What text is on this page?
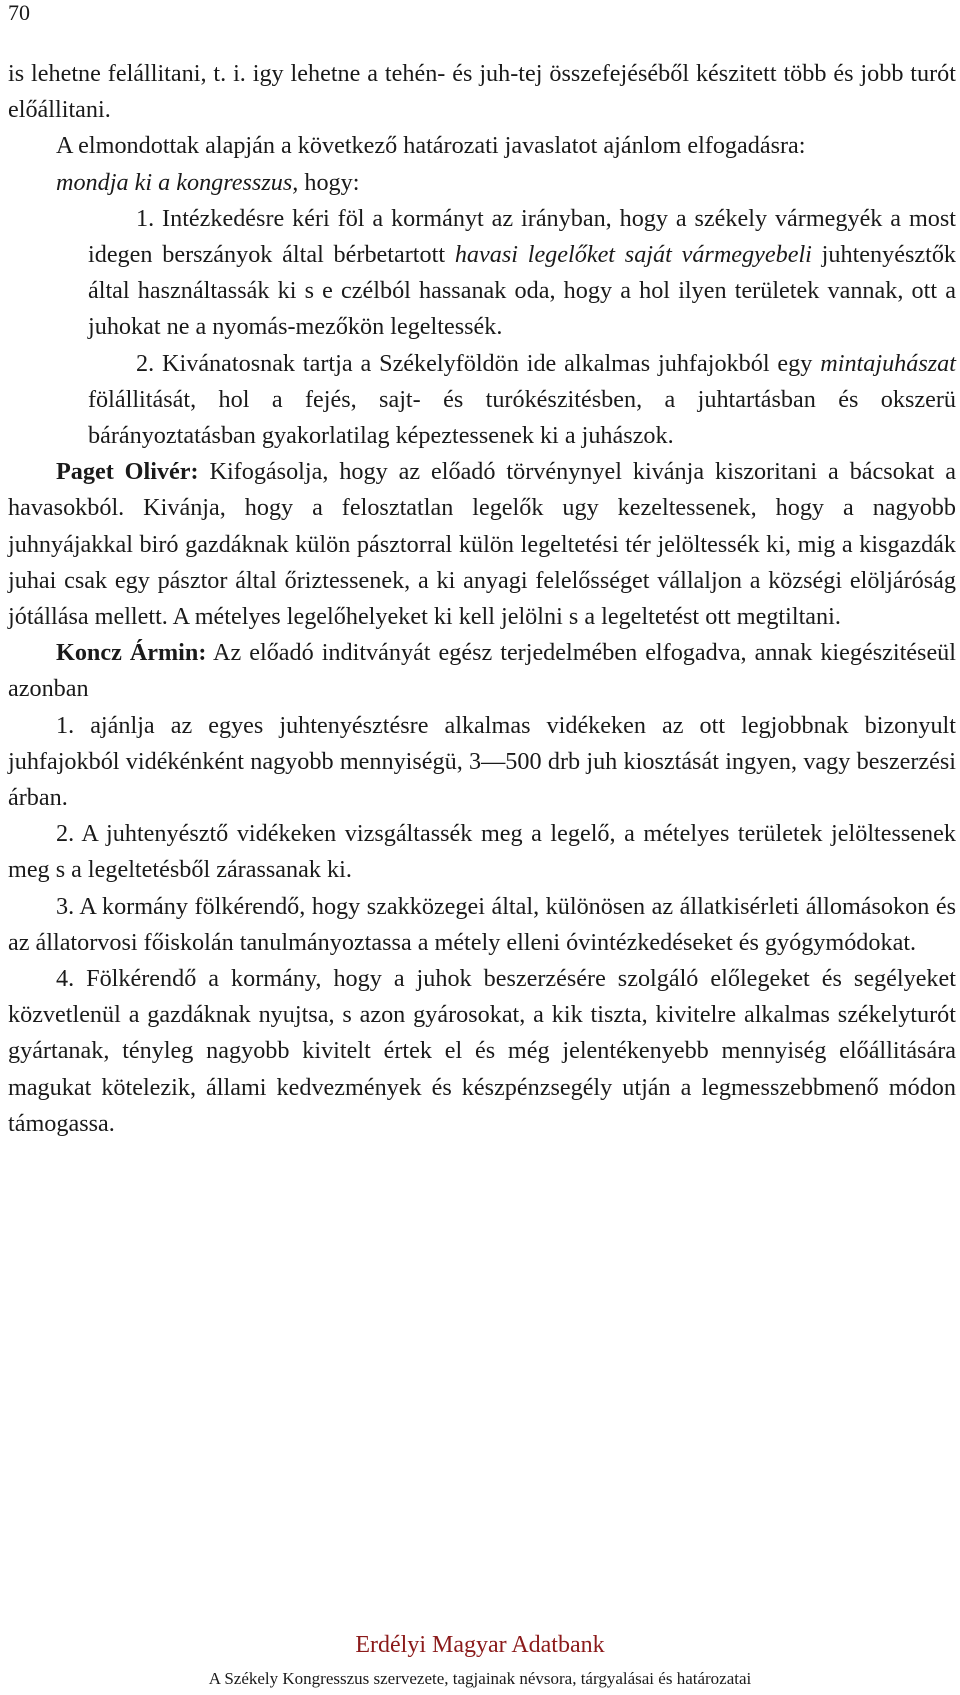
70

is lehetne felállitani, t. i. igy lehetne a tehén- és juh-tej összefejéséből készitett több és jobb turót előállitani.

A elmondottak alapján a következő határozati javaslatot ajánlom elfogadásra:

mondja ki a kongresszus, hogy:

1. Intézkedésre kéri föl a kormányt az irányban, hogy a székely vármegyék a most idegen berszányok által bérbetartott havasi legelőket saját vármegyebeli juhtenyésztők által használtassák ki s e czélból hassanak oda, hogy a hol ilyen területek vannak, ott a juhokat ne a nyomás-mezőkön legeltessék.

2. Kivánatosnak tartja a Székelyföldön ide alkalmas juhfajokból egy mintajuhászat fölállitását, hol a fejés, sajt- és turókészitésben, a juhtartásban és okszerü bárányoztatásban gyakorlatilag képeztessenek ki a juhászok.

Paget Olivér: Kifogásolja, hogy az előadó törvénynyel kivánja kiszoritani a bácsokat a havasokból. Kivánja, hogy a felosztatlan legelők ugy kezeltessenek, hogy a nagyobb juhnyájakkal biró gazdáknak külön pásztorral külön legeltetési tér jelöltessék ki, mig a kisgazdák juhai csak egy pásztor által őriztessenek, a ki anyagi felelősséget vállaljon a községi elöljáróság jótállása mellett. A mételyes legelőhelyeket ki kell jelölni s a legeltetést ott megtiltani.

Koncz Ármin: Az előadó inditványát egész terjedelmében elfogadva, annak kiegészitéseül azonban

1. ajánlja az egyes juhtenyésztésre alkalmas vidékeken az ott legjobbnak bizonyult juhfajokból vidékénként nagyobb mennyiségü, 3—500 drb juh kiosztását ingyen, vagy beszerzési árban.

2. A juhtenyésztő vidékeken vizsgáltassék meg a legelő, a mételyes területek jelöltessenek meg s a legeltetésből zárassanak ki.

3. A kormány fölkérendő, hogy szakközegei által, különösen az állatkisérleti állomásokon és az állatorvosi főiskolán tanulmányoztassa a métely elleni óvintézkedéseket és gyógymódokat.

4. Fölkérendő a kormány, hogy a juhok beszerzésére szolgáló előlegeket és segélyeket közvetlenül a gazdáknak nyujtsa, s azon gyárosokat, a kik tiszta, kivitelre alkalmas székelyturót gyártanak, tényleg nagyobb kivitelt értek el és még jelentékenyebb mennyiség előállitására magukat kötelezik, állami kedvezmények és készpénzsegély utján a legmesszebbmenő módon támogassa.

Erdélyi Magyar Adatbank
A Székely Kongresszus szervezete, tagjainak névsora, tárgyalásai és határozatai
